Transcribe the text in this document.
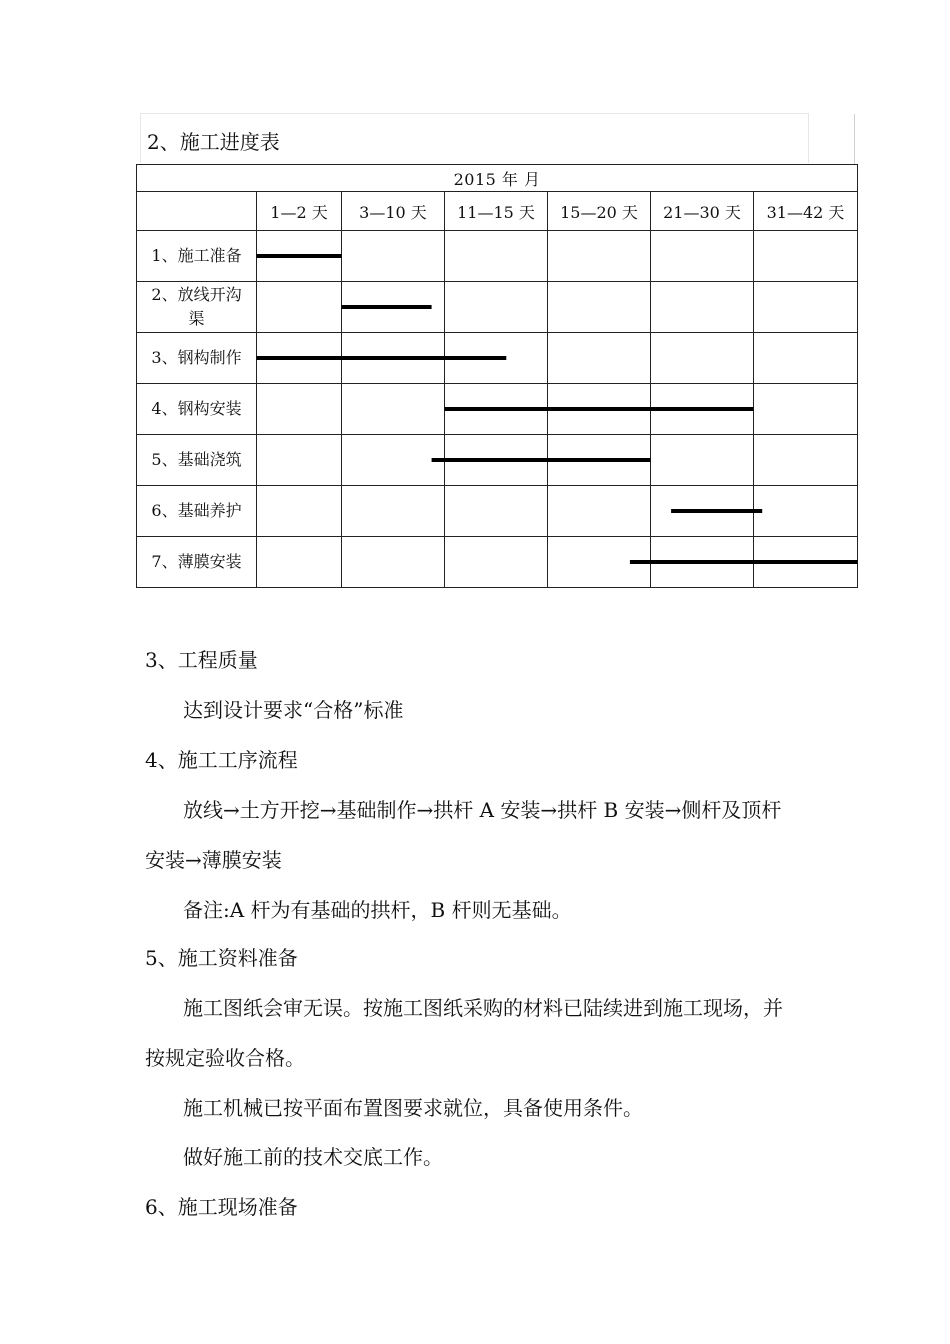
2、施工进度表
2015 年 月						
	1—2 天	3—10 天	11—15 天	15—20 天	21—30 天	31—42 天
1、施工准备						
2、放线开沟
渠						
3、钢构制作						
4、钢构安装						
5、基础浇筑						
6、基础养护						
7、薄膜安装						
3、工程质量
达到设计要求“合格”标准
4、施工工序流程
放线→土方开挖→基础制作→拱杆 A 安装→拱杆 B 安装→侧杆及顶杆
安装→薄膜安装
备注:A 杆为有基础的拱杆，B 杆则无基础。
5、施工资料准备
施工图纸会审无误。按施工图纸采购的材料已陆续进到施工现场，并
按规定验收合格。
施工机械已按平面布置图要求就位，具备使用条件。
做好施工前的技术交底工作。
6、施工现场准备
